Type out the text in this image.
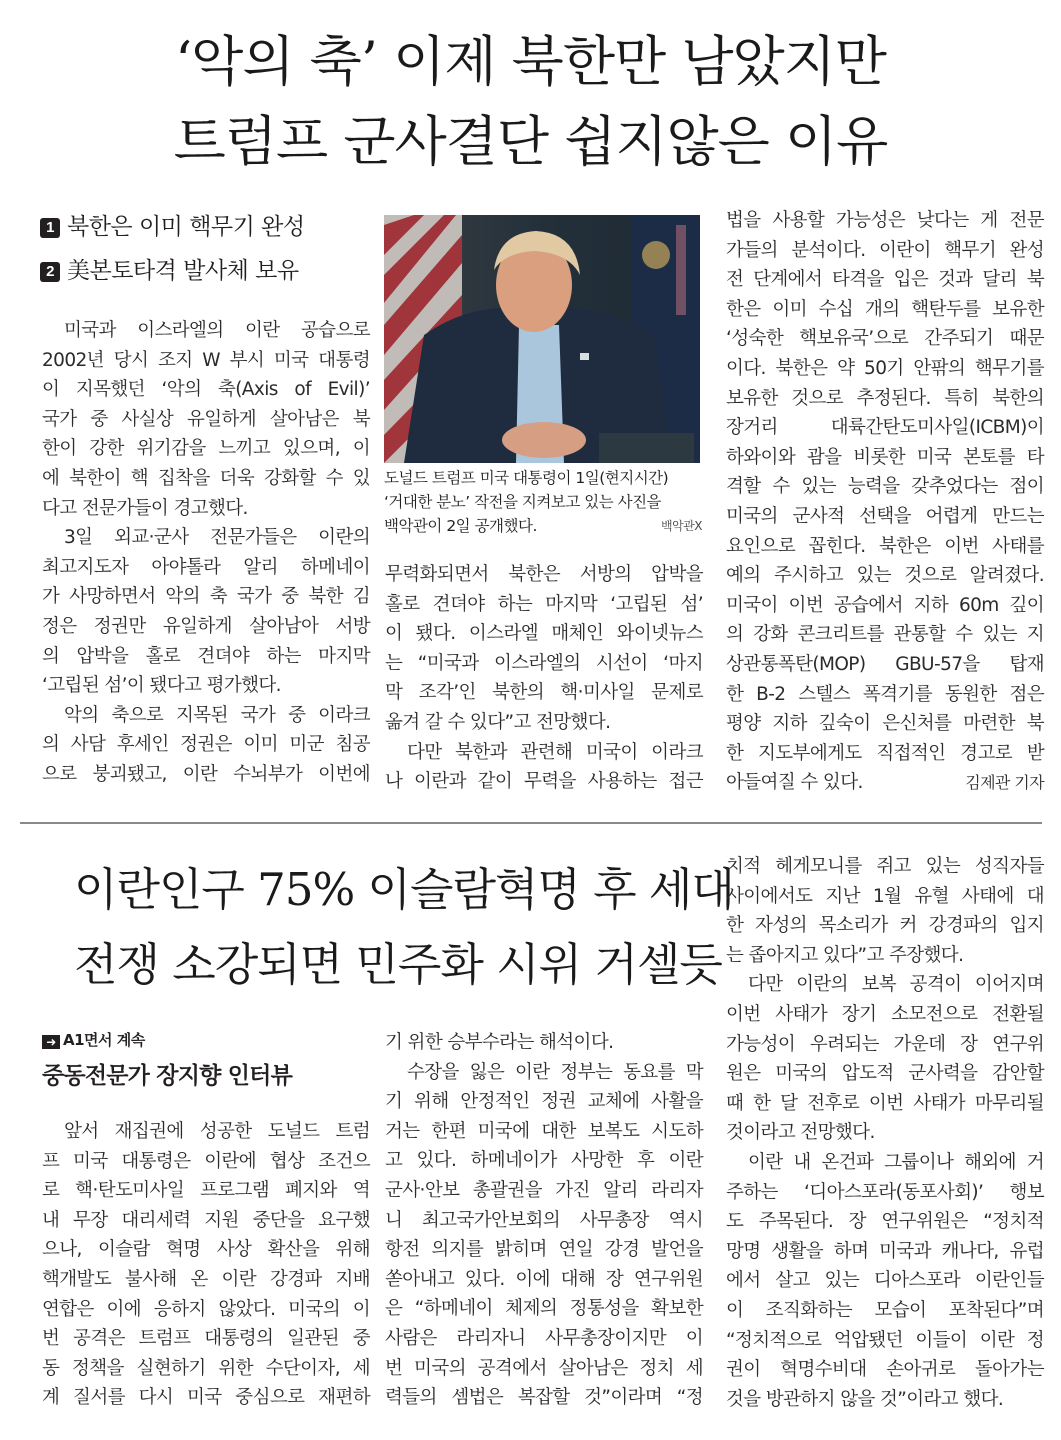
‘악의 축’ 이제 북한만 남았지만
트럼프 군사결단 쉽지않은 이유
1 북한은 이미 핵무기 완성
2 美본토타격 발사체 보유

미국과 이스라엘의 이란 공습으로

2002년 당시 조지 W 부시 미국 대통령

이 지목했던 ‘악의 축(Axis of Evil)’

국가 중 사실상 유일하게 살아남은 북

한이 강한 위기감을 느끼고 있으며, 이

에 북한이 핵 집착을 더욱 강화할 수 있

다고 전문가들이 경고했다.

3일 외교·군사 전문가들은 이란의

최고지도자 아야톨라 알리 하메네이

가 사망하면서 악의 축 국가 중 북한 김

정은 정권만 유일하게 살아남아 서방

의 압박을 홀로 견뎌야 하는 마지막

‘고립된 섬’이 됐다고 평가했다.

악의 축으로 지목된 국가 중 이라크

의 사담 후세인 정권은 이미 미군 침공

으로 붕괴됐고, 이란 수뇌부가 이번에

도널드 트럼프 미국 대통령이 1일(현지시간)

‘거대한 분노’ 작전을 지켜보고 있는 사진을

백악관이 2일 공개했다.	백악관X

무력화되면서 북한은 서방의 압박을

홀로 견뎌야 하는 마지막 ‘고립된 섬’

이 됐다. 이스라엘 매체인 와이넷뉴스

는 “미국과 이스라엘의 시선이 ‘마지

막 조각’인 북한의 핵·미사일 문제로

옮겨 갈 수 있다”고 전망했다.

다만 북한과 관련해 미국이 이라크

나 이란과 같이 무력을 사용하는 접근

법을 사용할 가능성은 낮다는 게 전문

가들의 분석이다. 이란이 핵무기 완성

전 단계에서 타격을 입은 것과 달리 북

한은 이미 수십 개의 핵탄두를 보유한

‘성숙한 핵보유국’으로 간주되기 때문

이다. 북한은 약 50기 안팎의 핵무기를

보유한 것으로 추정된다. 특히 북한의

장거리 대륙간탄도미사일(ICBM)이

하와이와 괌을 비롯한 미국 본토를 타

격할 수 있는 능력을 갖추었다는 점이

미국의 군사적 선택을 어렵게 만드는

요인으로 꼽힌다. 북한은 이번 사태를

예의 주시하고 있는 것으로 알려졌다.

미국이 이번 공습에서 지하 60m 깊이

의 강화 콘크리트를 관통할 수 있는 지

상관통폭탄(MOP) GBU-57을 탑재

한 B-2 스텔스 폭격기를 동원한 점은

평양 지하 깊숙이 은신처를 마련한 북

한 지도부에게도 직접적인 경고로 받

아들여질 수 있다.	김제관 기자

이란인구 75% 이슬람혁명 후 세대
전쟁 소강되면 민주화 시위 거셀듯
➜ A1면서 계속
중동전문가 장지향 인터뷰

앞서 재집권에 성공한 도널드 트럼

프 미국 대통령은 이란에 협상 조건으

로 핵·탄도미사일 프로그램 폐지와 역

내 무장 대리세력 지원 중단을 요구했

으나, 이슬람 혁명 사상 확산을 위해

핵개발도 불사해 온 이란 강경파 지배

연합은 이에 응하지 않았다. 미국의 이

번 공격은 트럼프 대통령의 일관된 중

동 정책을 실현하기 위한 수단이자, 세

계 질서를 다시 미국 중심으로 재편하

기 위한 승부수라는 해석이다.

수장을 잃은 이란 정부는 동요를 막

기 위해 안정적인 정권 교체에 사활을

거는 한편 미국에 대한 보복도 시도하

고 있다. 하메네이가 사망한 후 이란

군사·안보 총괄권을 가진 알리 라리자

니 최고국가안보회의 사무총장 역시

항전 의지를 밝히며 연일 강경 발언을

쏟아내고 있다. 이에 대해 장 연구위원

은 “하메네이 체제의 정통성을 확보한

사람은 라리자니 사무총장이지만 이

번 미국의 공격에서 살아남은 정치 세

력들의 셈법은 복잡할 것”이라며 “정

치적 헤게모니를 쥐고 있는 성직자들

사이에서도 지난 1월 유혈 사태에 대

한 자성의 목소리가 커 강경파의 입지

는 좁아지고 있다”고 주장했다.

다만 이란의 보복 공격이 이어지며

이번 사태가 장기 소모전으로 전환될

가능성이 우려되는 가운데 장 연구위

원은 미국의 압도적 군사력을 감안할

때 한 달 전후로 이번 사태가 마무리될

것이라고 전망했다.

이란 내 온건파 그룹이나 해외에 거

주하는 ‘디아스포라(동포사회)’ 행보

도 주목된다. 장 연구위원은 “정치적

망명 생활을 하며 미국과 캐나다, 유럽

에서 살고 있는 디아스포라 이란인들

이 조직화하는 모습이 포착된다”며

“정치적으로 억압됐던 이들이 이란 정

권이 혁명수비대 손아귀로 돌아가는

것을 방관하지 않을 것”이라고 했다.
